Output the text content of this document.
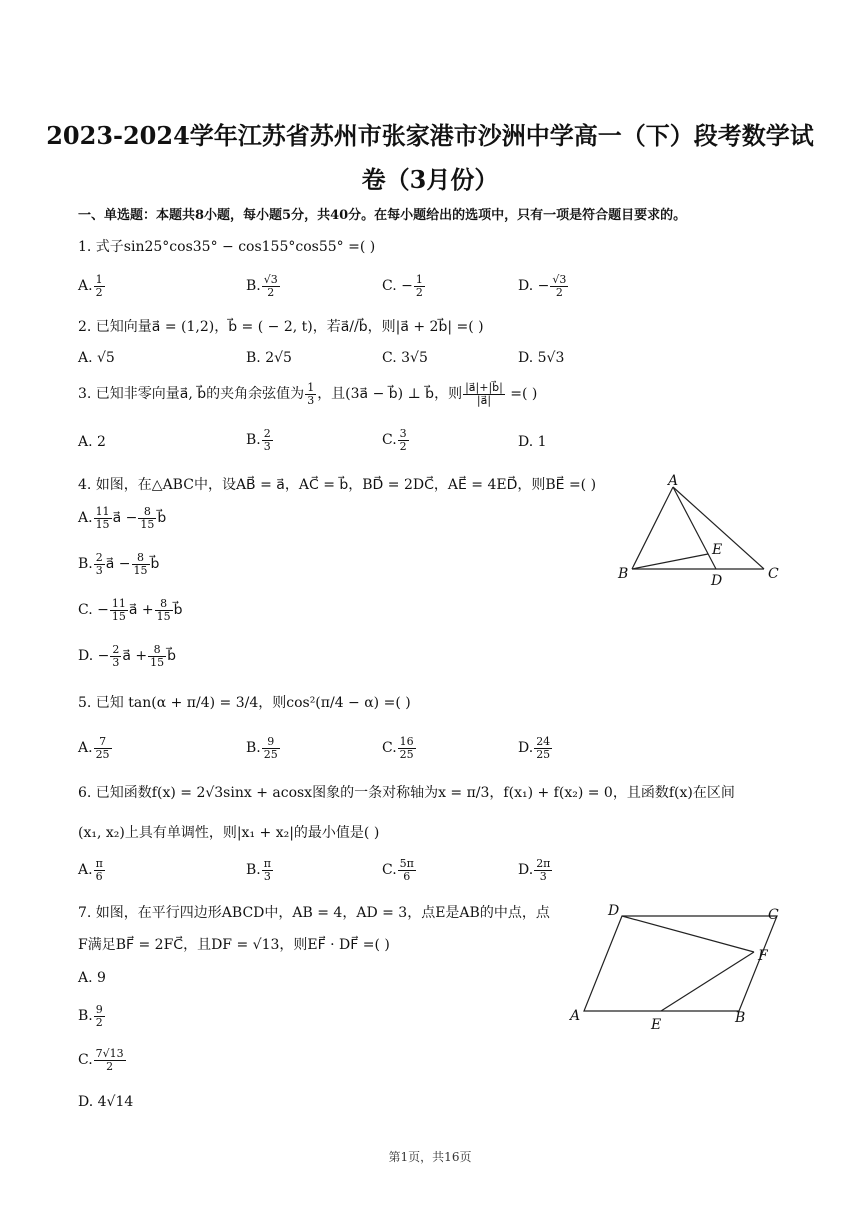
2023-2024学年江苏省苏州市张家港市沙洲中学高一（下）段考数学试
卷（3月份）
一、单选题：本题共8小题，每小题5分，共40分。在每小题给出的选项中，只有一项是符合题目要求的。
1. 式子sin25°cos35° − cos155°cos55° =( )
A. $\frac{1}{2}$	B. $\frac{√3}{2}$	C. − $\frac{1}{2}$	D. − $\frac{√3}{2}$
2. 已知向量a⃗ = (1,2)，b⃗ = ( − 2, t)，若a⃗//b⃗，则|a⃗ + 2b⃗| =( )
A. √5	B. 2√5	C. 3√5	D. 5√3
3. 已知非零向量a⃗, b⃗的夹角余弦值为 $\frac{1}{3}$ ，且(3a⃗ − b⃗) ⊥ b⃗，则 $\frac{|a⃗|+|b⃗|}{|a⃗|}$ =( )
A. 2	B. $\frac{2}{3}$	C. $\frac{3}{2}$	D. 1
4. 如图，在△ABC中，设AB⃗ = a⃗，AC⃗ = b⃗，BD⃗ = 2DC⃗，AE⃗ = 4ED⃗，则BE⃗ =( )
A. $\frac{11}{15}$ a⃗ − $\frac{8}{15}$ b⃗
B. $\frac{2}{3}$ a⃗ − $\frac{8}{15}$ b⃗
C. − $\frac{11}{15}$ a⃗ + $\frac{8}{15}$ b⃗
D. − $\frac{2}{3}$ a⃗ + $\frac{8}{15}$ b⃗
A
B	C
D
E
5. 已知 tan(α + π/4) = 3/4，则cos²(π/4 − α) =( )
A. $\frac{7}{25}$	B. $\frac{9}{25}$	C. $\frac{16}{25}$	D. $\frac{24}{25}$
6. 已知函数f(x) = 2√3sinx + acosx图象的一条对称轴为x = π/3，f(x₁) + f(x₂) = 0，且函数f(x)在区间
(x₁, x₂)上具有单调性，则|x₁ + x₂|的最小值是( )
A. $\frac{\pi}{6}$	B. $\frac{\pi}{3}$	C. $\frac{5\pi}{6}$	D. $\frac{2\pi}{3}$
7. 如图，在平行四边形ABCD中，AB = 4，AD = 3，点E是AB的中点，点
F满足BF⃗ = 2FC⃗，且DF = √13，则EF⃗ · DF⃗ =( )
A. 9
B. $\frac{9}{2}$
C. $\frac{7√13}{2}$
D. 4√14
A	B
C
D
E
F
第1页，共16页
